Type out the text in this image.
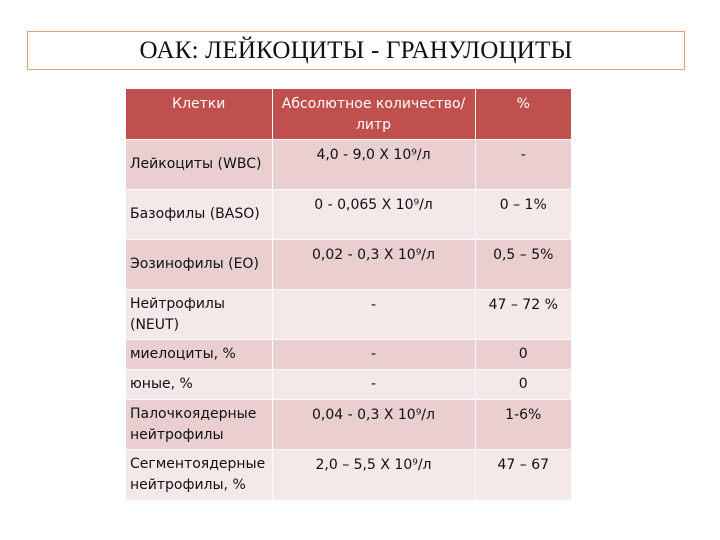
ОАК: ЛЕЙКОЦИТЫ - ГРАНУЛОЦИТЫ
Клетки	Абсолютное количество/ литр	%
Лейкоциты (WBC)	4,0 - 9,0 X 10⁹/л	-
Базофилы (BASO)	0 - 0,065 X 10⁹/л	0 – 1%
Эозинофилы (EO)	0,02 - 0,3 X 10⁹/л	0,5 – 5%
Нейтрофилы (NEUT)	-	47 – 72 %
миелоциты, %	-	0
юные, %	-	0
Палочкоядерные нейтрофилы	0,04 - 0,3 X 10⁹/л	1-6%
Сегментоядерные нейтрофилы, %	2,0 – 5,5 X 10⁹/л	47 – 67
